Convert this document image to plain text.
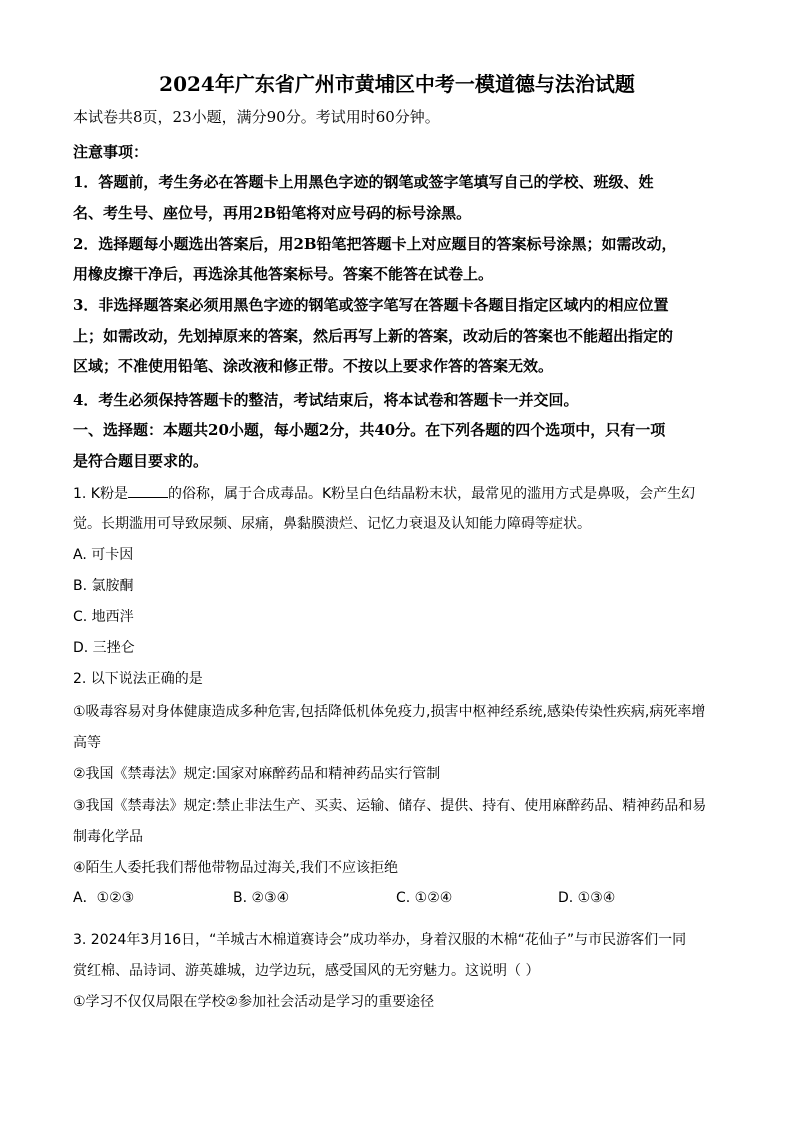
2024年广东省广州市黄埔区中考一模道德与法治试题
本试卷共8页，23小题，满分90分。考试用时60分钟。
注意事项：
1．答题前，考生务必在答题卡上用黑色字迹的钢笔或签字笔填写自己的学校、班级、姓
名、考生号、座位号，再用2B铅笔将对应号码的标号涂黑。
2．选择题每小题选出答案后，用2B铅笔把答题卡上对应题目的答案标号涂黑；如需改动，
用橡皮擦干净后，再选涂其他答案标号。答案不能答在试卷上。
3．非选择题答案必须用黑色字迹的钢笔或签字笔写在答题卡各题目指定区域内的相应位置
上；如需改动，先划掉原来的答案，然后再写上新的答案，改动后的答案也不能超出指定的
区域；不准使用铅笔、涂改液和修正带。不按以上要求作答的答案无效。
4．考生必须保持答题卡的整洁，考试结束后，将本试卷和答题卡一并交回。
一、选择题：本题共20小题，每小题2分，共40分。在下列各题的四个选项中，只有一项
是符合题目要求的。
1. K粉是	的俗称，属于合成毒品。K粉呈白色结晶粉末状，最常见的滥用方式是鼻吸，会产生幻
觉。长期滥用可导致尿频、尿痛，鼻黏膜溃烂、记忆力衰退及认知能力障碍等症状。
A. 可卡因
B. 氯胺酮
C. 地西泮
D. 三挫仑
2. 以下说法正确的是
①吸毒容易对身体健康造成多种危害,包括降低机体免疫力,损害中枢神经系统,感染传染性疾病,病死率增
高等
②我国《禁毒法》规定:国家对麻醉药品和精神药品实行管制
③我国《禁毒法》规定:禁止非法生产、买卖、运输、储存、提供、持有、使用麻醉药品、精神药品和易
制毒化学品
④陌生人委托我们帮他带物品过海关,我们不应该拒绝
A．①②③	B. ②③④	C. ①②④	D. ①③④
3. 2024年3月16日，“羊城古木棉道赛诗会”成功举办，身着汉服的木棉“花仙子”与市民游客们一同
赏红棉、品诗词、游英雄城，边学边玩，感受国风的无穷魅力。这说明（ ）
①学习不仅仅局限在学校②参加社会活动是学习的重要途径
